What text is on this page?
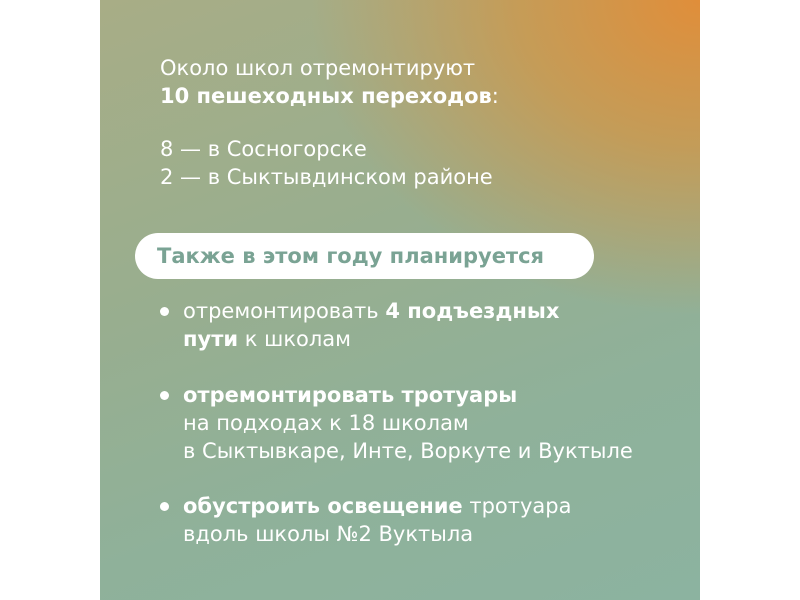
Около школ отремонтируют

10 пешеходных переходов:

8 — в Сосногорске

2 — в Сыктывдинском районе

Также в этом году планируется

отремонтировать 4 подъездных

пути к школам

отремонтировать тротуары

на подходах к 18 школам

в Сыктывкаре, Инте, Воркуте и Вуктыле

обустроить освещение тротуара

вдоль школы №2 Вуктыла
